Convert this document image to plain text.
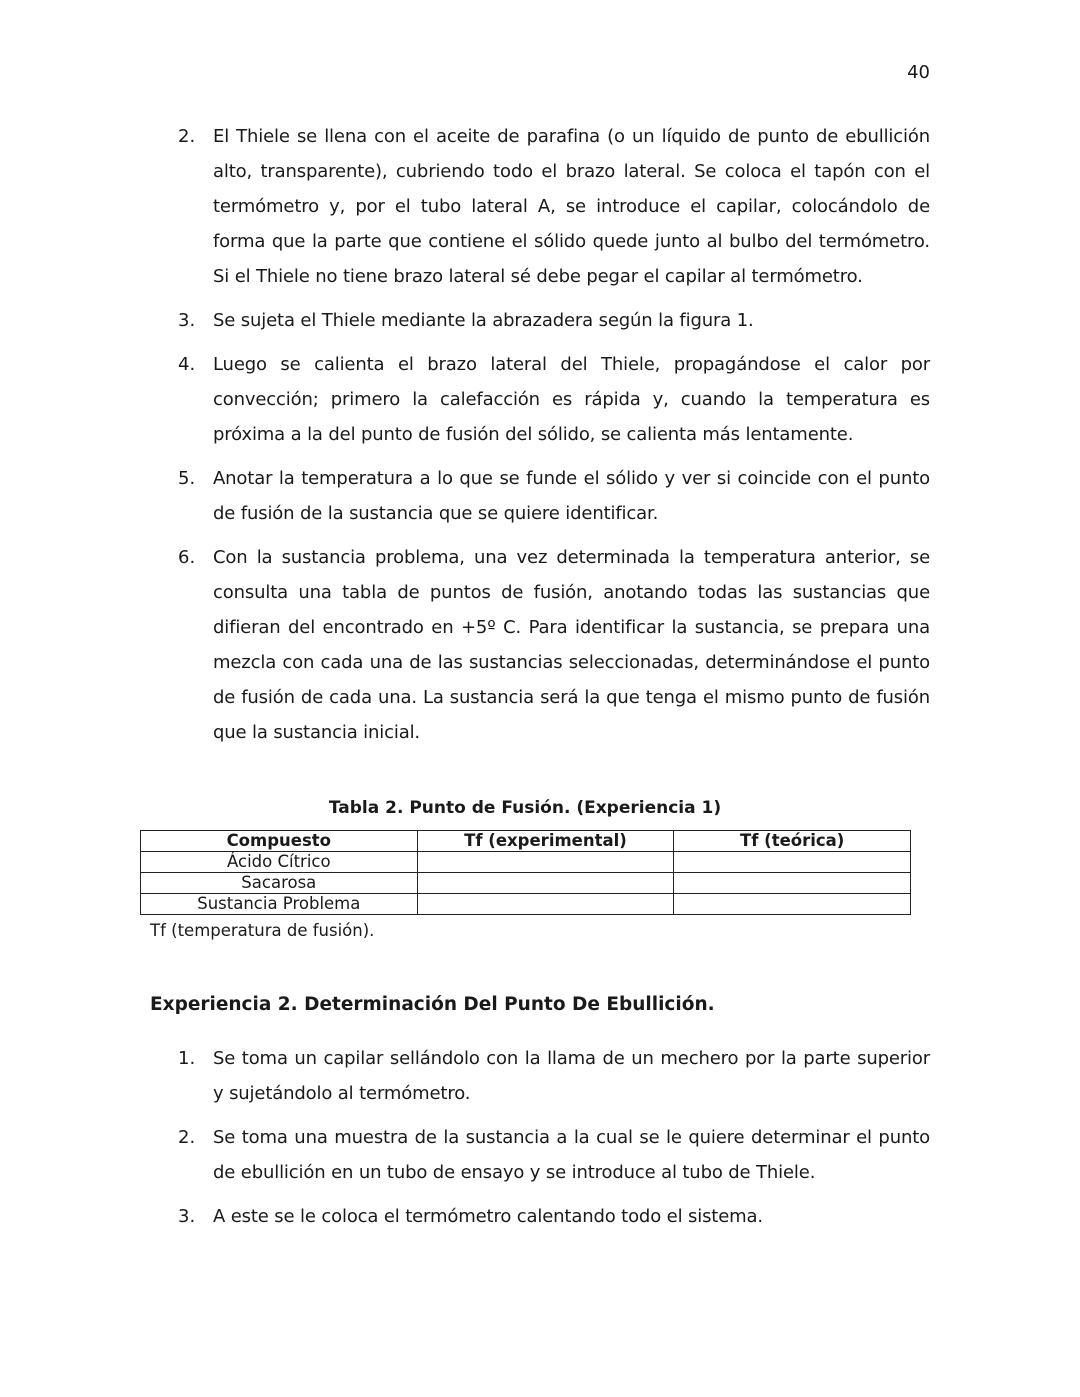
40

2. El Thiele se llena con el aceite de parafina (o un líquido de punto de ebullición alto, transparente), cubriendo todo el brazo lateral. Se coloca el tapón con el termómetro y, por el tubo lateral A, se introduce el capilar, colocándolo de forma que la parte que contiene el sólido quede junto al bulbo del termómetro. Si el Thiele no tiene brazo lateral sé debe pegar el capilar al termómetro.
3. Se sujeta el Thiele mediante la abrazadera según la figura 1.
4. Luego se calienta el brazo lateral del Thiele, propagándose el calor por convección; primero la calefacción es rápida y, cuando la temperatura es próxima a la del punto de fusión del sólido, se calienta más lentamente.
5. Anotar la temperatura a lo que se funde el sólido y ver si coincide con el punto de fusión de la sustancia que se quiere identificar.
6. Con la sustancia problema, una vez determinada la temperatura anterior, se consulta una tabla de puntos de fusión, anotando todas las sustancias que difieran del encontrado en +5º C. Para identificar la sustancia, se prepara una mezcla con cada una de las sustancias seleccionadas, determinándose el punto de fusión de cada una. La sustancia será la que tenga el mismo punto de fusión que la sustancia inicial.

Tabla 2. Punto de Fusión. (Experiencia 1)

Compuesto	Tf (experimental)	Tf (teórica)
Ácido Cítrico		
Sacarosa		
Sustancia Problema		

Tf (temperatura de fusión).

Experiencia 2. Determinación Del Punto De Ebullición.
1. Se toma un capilar sellándolo con la llama de un mechero por la parte superior y sujetándolo al termómetro.
2. Se toma una muestra de la sustancia a la cual se le quiere determinar el punto de ebullición en un tubo de ensayo y se introduce al tubo de Thiele.
3. A este se le coloca el termómetro calentando todo el sistema.
